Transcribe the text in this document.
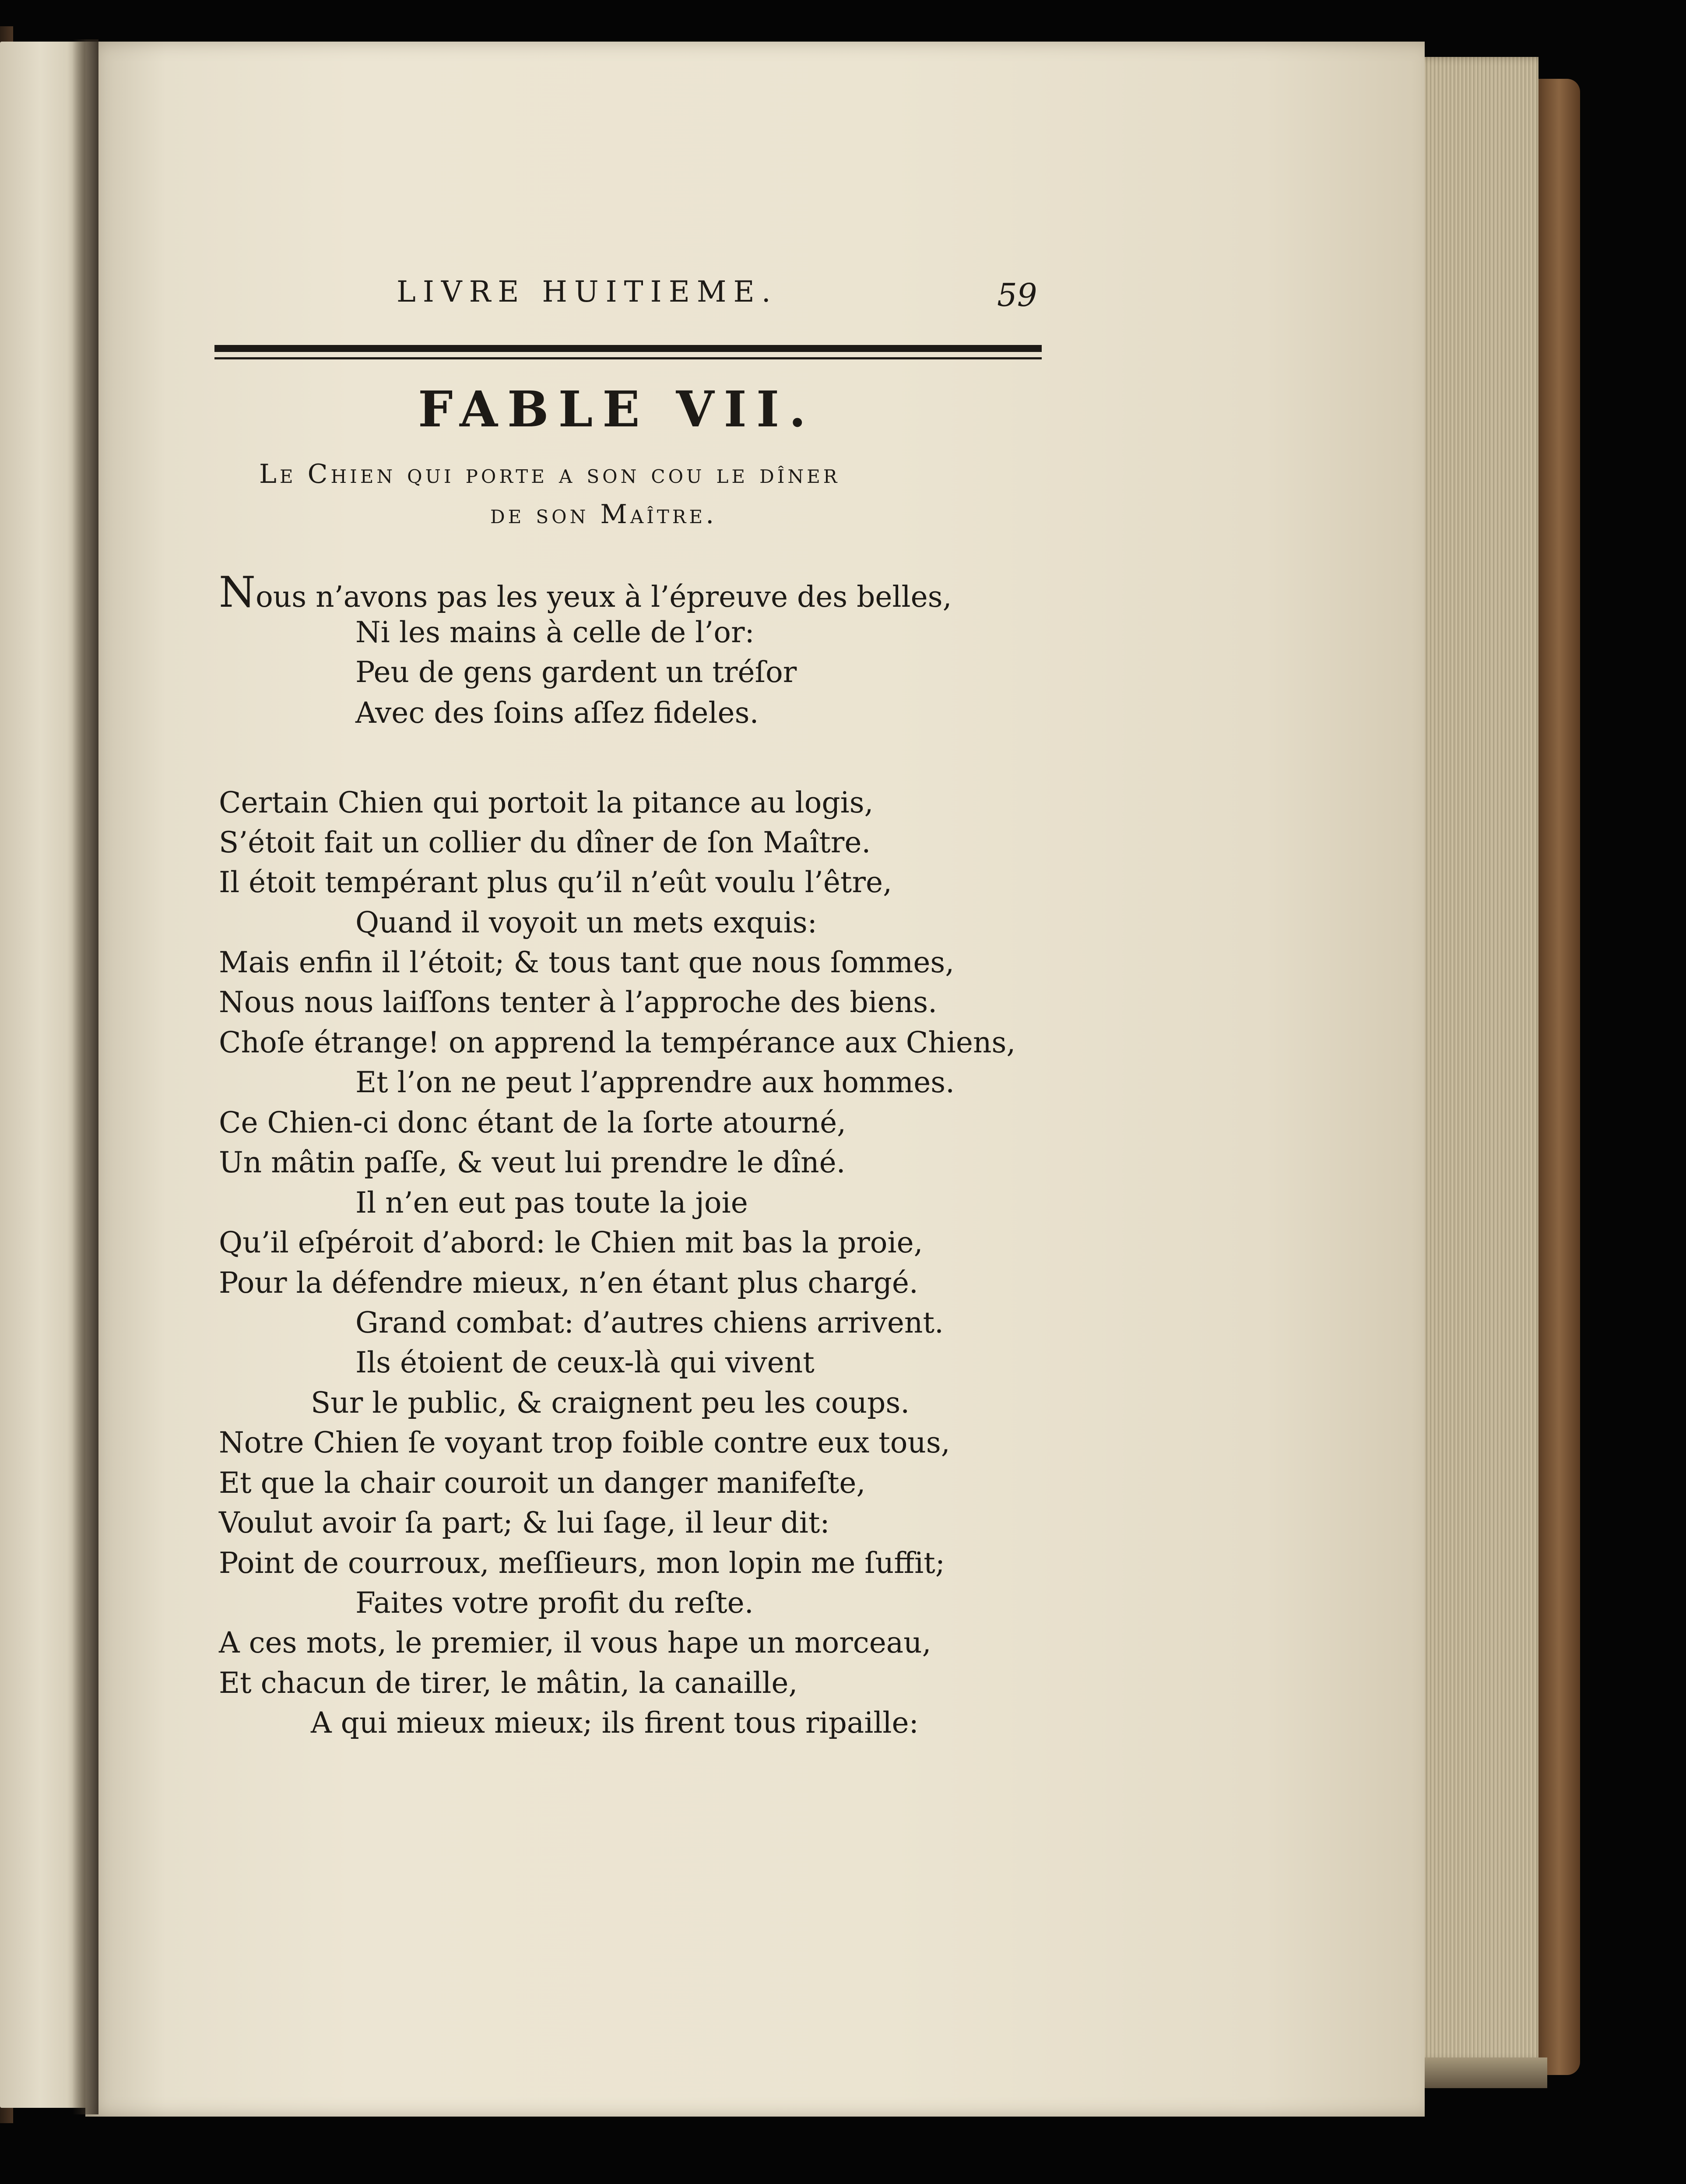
LIVRE HUITIEME.	59
FABLE VII.
Le Chien qui porte a son cou le dîner
de son Maître.
Nous n’avons pas les yeux à l’épreuve des belles,
Ni les mains à celle de l’or:
Peu de gens gardent un tréſor
Avec des ſoins aſſez fideles.
Certain Chien qui portoit la pitance au logis,
S’étoit fait un collier du dîner de ſon Maître.
Il étoit tempérant plus qu’il n’eût voulu l’être,
Quand il voyoit un mets exquis:
Mais enfin il l’étoit; & tous tant que nous ſommes,
Nous nous laiſſons tenter à l’approche des biens.
Choſe étrange! on apprend la tempérance aux Chiens,
Et l’on ne peut l’apprendre aux hommes.
Ce Chien-ci donc étant de la ſorte atourné,
Un mâtin paſſe, & veut lui prendre le dîné.
Il n’en eut pas toute la joie
Qu’il eſpéroit d’abord: le Chien mit bas la proie,
Pour la défendre mieux, n’en étant plus chargé.
Grand combat: d’autres chiens arrivent.
Ils étoient de ceux-là qui vivent
Sur le public, & craignent peu les coups.
Notre Chien ſe voyant trop foible contre eux tous,
Et que la chair couroit un danger manifeſte,
Voulut avoir ſa part; & lui ſage, il leur dit:
Point de courroux, meſſieurs, mon lopin me ſuffit;
Faites votre profit du reſte.
A ces mots, le premier, il vous hape un morceau,
Et chacun de tirer, le mâtin, la canaille,
A qui mieux mieux; ils firent tous ripaille:
